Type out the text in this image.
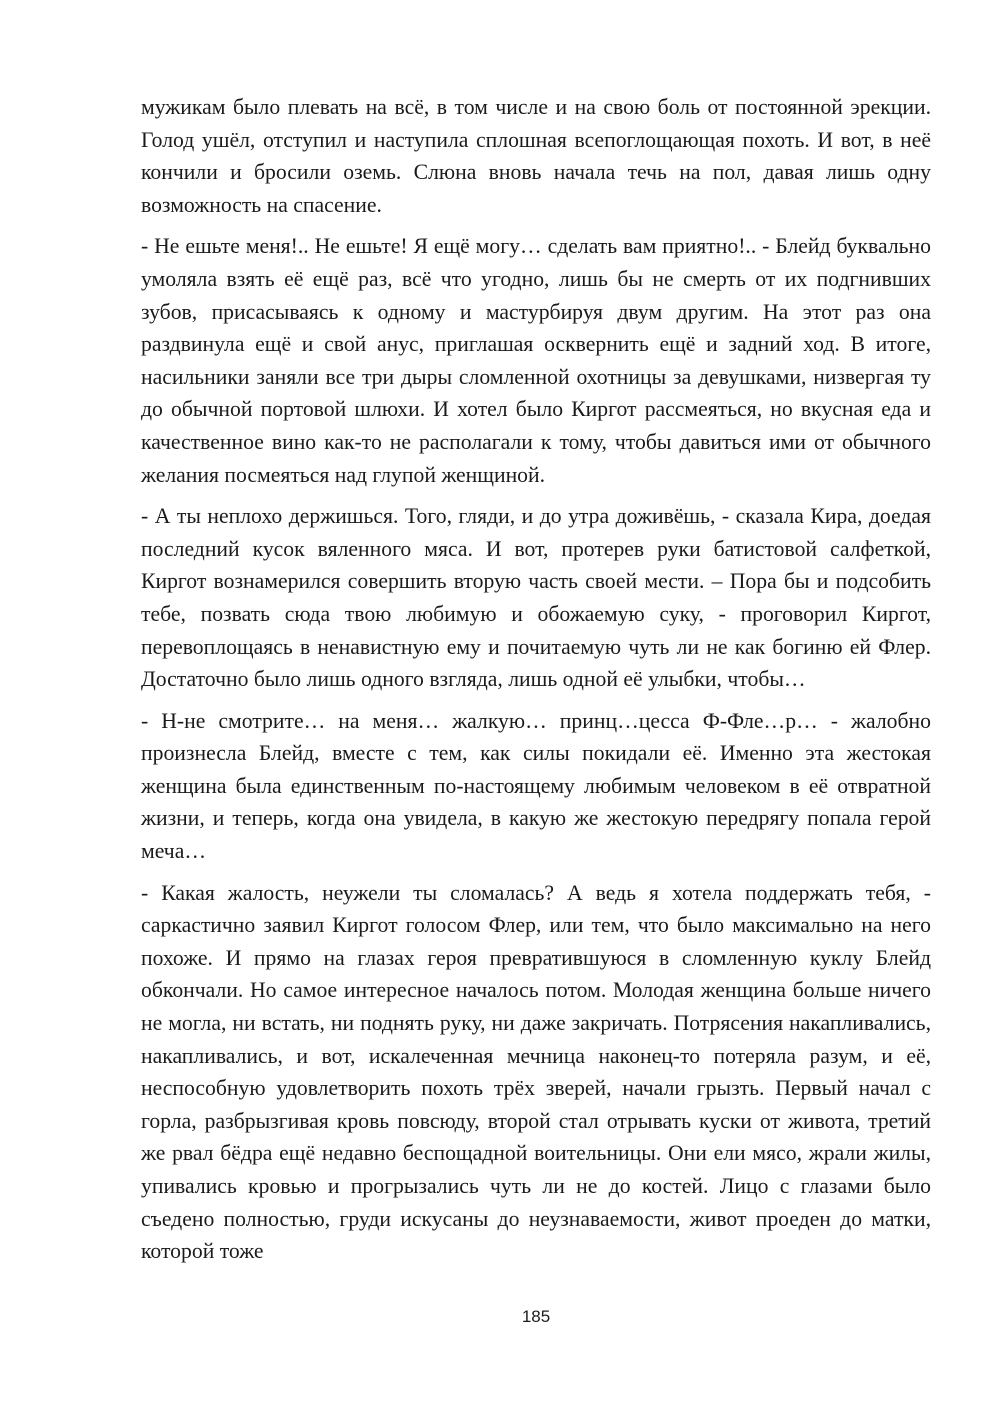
мужикам было плевать на всё, в том числе и на свою боль от постоянной эрекции. Голод ушёл, отступил и наступила сплошная всепоглощающая похоть. И вот, в неё кончили и бросили оземь. Слюна вновь начала течь на пол, давая лишь одну возможность на спасение.

- Не ешьте меня!.. Не ешьте! Я ещё могу… сделать вам приятно!.. - Блейд буквально умоляла взять её ещё раз, всё что угодно, лишь бы не смерть от их подгнивших зубов, присасываясь к одному и мастурбируя двум другим. На этот раз она раздвинула ещё и свой анус, приглашая осквернить ещё и задний ход. В итоге, насильники заняли все три дыры сломленной охотницы за девушками, низвергая ту до обычной портовой шлюхи. И хотел было Киргот рассмеяться, но вкусная еда и качественное вино как-то не располагали к тому, чтобы давиться ими от обычного желания посмеяться над глупой женщиной.

- А ты неплохо держишься. Того, гляди, и до утра доживёшь, - сказала Кира, доедая последний кусок вяленного мяса. И вот, протерев руки батистовой салфеткой, Киргот вознамерился совершить вторую часть своей мести. – Пора бы и подсобить тебе, позвать сюда твою любимую и обожаемую суку, - проговорил Киргот, перевоплощаясь в ненавистную ему и почитаемую чуть ли не как богиню ей Флер. Достаточно было лишь одного взгляда, лишь одной её улыбки, чтобы…

- Н-не смотрите… на меня… жалкую… принц…цесса Ф-Фле…р… - жалобно произнесла Блейд, вместе с тем, как силы покидали её. Именно эта жестокая женщина была единственным по-настоящему любимым человеком в её отвратной жизни, и теперь, когда она увидела, в какую же жестокую передрягу попала герой меча…

- Какая жалость, неужели ты сломалась? А ведь я хотела поддержать тебя, - саркастично заявил Киргот голосом Флер, или тем, что было максимально на него похоже. И прямо на глазах героя превратившуюся в сломленную куклу Блейд обкончали. Но самое интересное началось потом. Молодая женщина больше ничего не могла, ни встать, ни поднять руку, ни даже закричать. Потрясения накапливались, накапливались, и вот, искалеченная мечница наконец-то потеряла разум, и её, неспособную удовлетворить похоть трёх зверей, начали грызть. Первый начал с горла, разбрызгивая кровь повсюду, второй стал отрывать куски от живота, третий же рвал бёдра ещё недавно беспощадной воительницы. Они ели мясо, жрали жилы, упивались кровью и прогрызались чуть ли не до костей. Лицо с глазами было съедено полностью, груди искусаны до неузнаваемости, живот проеден до матки, которой тоже

185
